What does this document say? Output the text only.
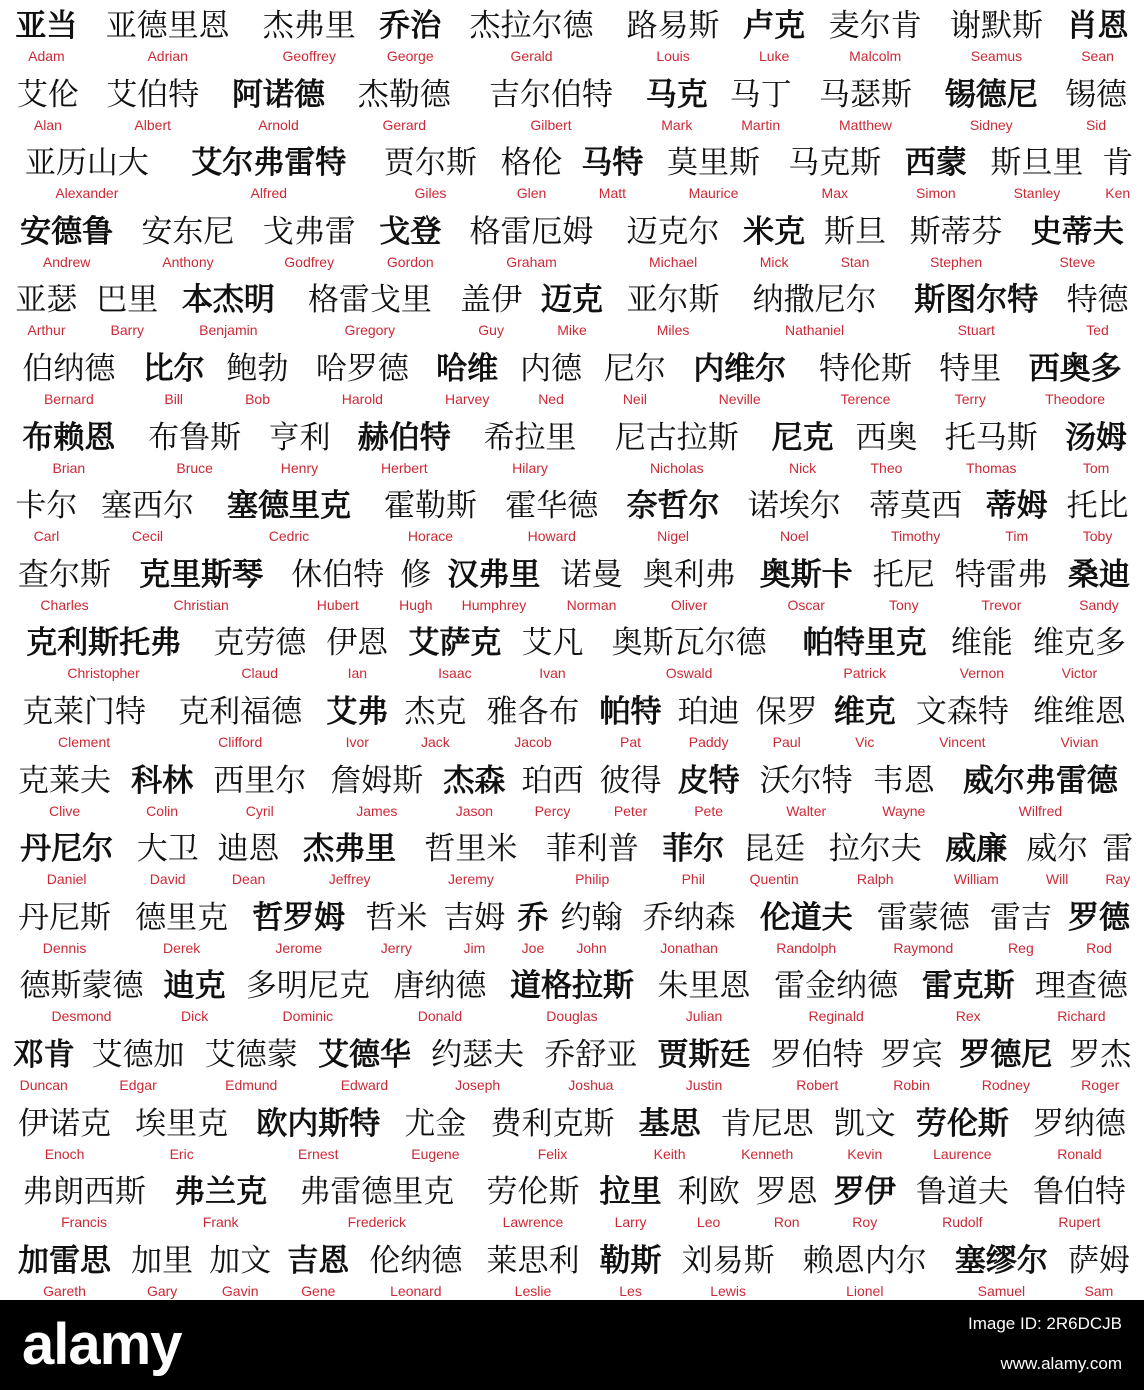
亚当
Adam
亚德里恩
Adrian
杰弗里
Geoffrey
乔治
George
杰拉尔德
Gerald
路易斯
Louis
卢克
Luke
麦尔肯
Malcolm
谢默斯
Seamus
肖恩
Sean
艾伦
Alan
艾伯特
Albert
阿诺德
Arnold
杰勒德
Gerard
吉尔伯特
Gilbert
马克
Mark
马丁
Martin
马瑟斯
Matthew
锡德尼
Sidney
锡德
Sid
亚历山大
Alexander
艾尔弗雷特
Alfred
贾尔斯
Giles
格伦
Glen
马特
Matt
莫里斯
Maurice
马克斯
Max
西蒙
Simon
斯旦里
Stanley
肯
Ken
安德鲁
Andrew
安东尼
Anthony
戈弗雷
Godfrey
戈登
Gordon
格雷厄姆
Graham
迈克尔
Michael
米克
Mick
斯旦
Stan
斯蒂芬
Stephen
史蒂夫
Steve
亚瑟
Arthur
巴里
Barry
本杰明
Benjamin
格雷戈里
Gregory
盖伊
Guy
迈克
Mike
亚尔斯
Miles
纳撒尼尔
Nathaniel
斯图尔特
Stuart
特德
Ted
伯纳德
Bernard
比尔
Bill
鲍勃
Bob
哈罗德
Harold
哈维
Harvey
内德
Ned
尼尔
Neil
内维尔
Neville
特伦斯
Terence
特里
Terry
西奥多
Theodore
布赖恩
Brian
布鲁斯
Bruce
亨利
Henry
赫伯特
Herbert
希拉里
Hilary
尼古拉斯
Nicholas
尼克
Nick
西奥
Theo
托马斯
Thomas
汤姆
Tom
卡尔
Carl
塞西尔
Cecil
塞德里克
Cedric
霍勒斯
Horace
霍华德
Howard
奈哲尔
Nigel
诺埃尔
Noel
蒂莫西
Timothy
蒂姆
Tim
托比
Toby
查尔斯
Charles
克里斯琴
Christian
休伯特
Hubert
修
Hugh
汉弗里
Humphrey
诺曼
Norman
奥利弗
Oliver
奥斯卡
Oscar
托尼
Tony
特雷弗
Trevor
桑迪
Sandy
克利斯托弗
Christopher
克劳德
Claud
伊恩
Ian
艾萨克
Isaac
艾凡
Ivan
奥斯瓦尔德
Oswald
帕特里克
Patrick
维能
Vernon
维克多
Victor
克莱门特
Clement
克利福德
Clifford
艾弗
Ivor
杰克
Jack
雅各布
Jacob
帕特
Pat
珀迪
Paddy
保罗
Paul
维克
Vic
文森特
Vincent
维维恩
Vivian
克莱夫
Clive
科林
Colin
西里尔
Cyril
詹姆斯
James
杰森
Jason
珀西
Percy
彼得
Peter
皮特
Pete
沃尔特
Walter
韦恩
Wayne
威尔弗雷德
Wilfred
丹尼尔
Daniel
大卫
David
迪恩
Dean
杰弗里
Jeffrey
哲里米
Jeremy
菲利普
Philip
菲尔
Phil
昆廷
Quentin
拉尔夫
Ralph
威廉
William
威尔
Will
雷
Ray
丹尼斯
Dennis
德里克
Derek
哲罗姆
Jerome
哲米
Jerry
吉姆
Jim
乔
Joe
约翰
John
乔纳森
Jonathan
伦道夫
Randolph
雷蒙德
Raymond
雷吉
Reg
罗德
Rod
德斯蒙德
Desmond
迪克
Dick
多明尼克
Dominic
唐纳德
Donald
道格拉斯
Douglas
朱里恩
Julian
雷金纳德
Reginald
雷克斯
Rex
理查德
Richard
邓肯
Duncan
艾德加
Edgar
艾德蒙
Edmund
艾德华
Edward
约瑟夫
Joseph
乔舒亚
Joshua
贾斯廷
Justin
罗伯特
Robert
罗宾
Robin
罗德尼
Rodney
罗杰
Roger
伊诺克
Enoch
埃里克
Eric
欧内斯特
Ernest
尤金
Eugene
费利克斯
Felix
基思
Keith
肯尼思
Kenneth
凯文
Kevin
劳伦斯
Laurence
罗纳德
Ronald
弗朗西斯
Francis
弗兰克
Frank
弗雷德里克
Frederick
劳伦斯
Lawrence
拉里
Larry
利欧
Leo
罗恩
Ron
罗伊
Roy
鲁道夫
Rudolf
鲁伯特
Rupert
加雷思
Gareth
加里
Gary
加文
Gavin
吉恩
Gene
伦纳德
Leonard
莱思利
Leslie
勒斯
Les
刘易斯
Lewis
赖恩内尔
Lionel
塞缪尔
Samuel
萨姆
Sam
alamy	Image ID: 2R6DCJB
www.alamy.com
